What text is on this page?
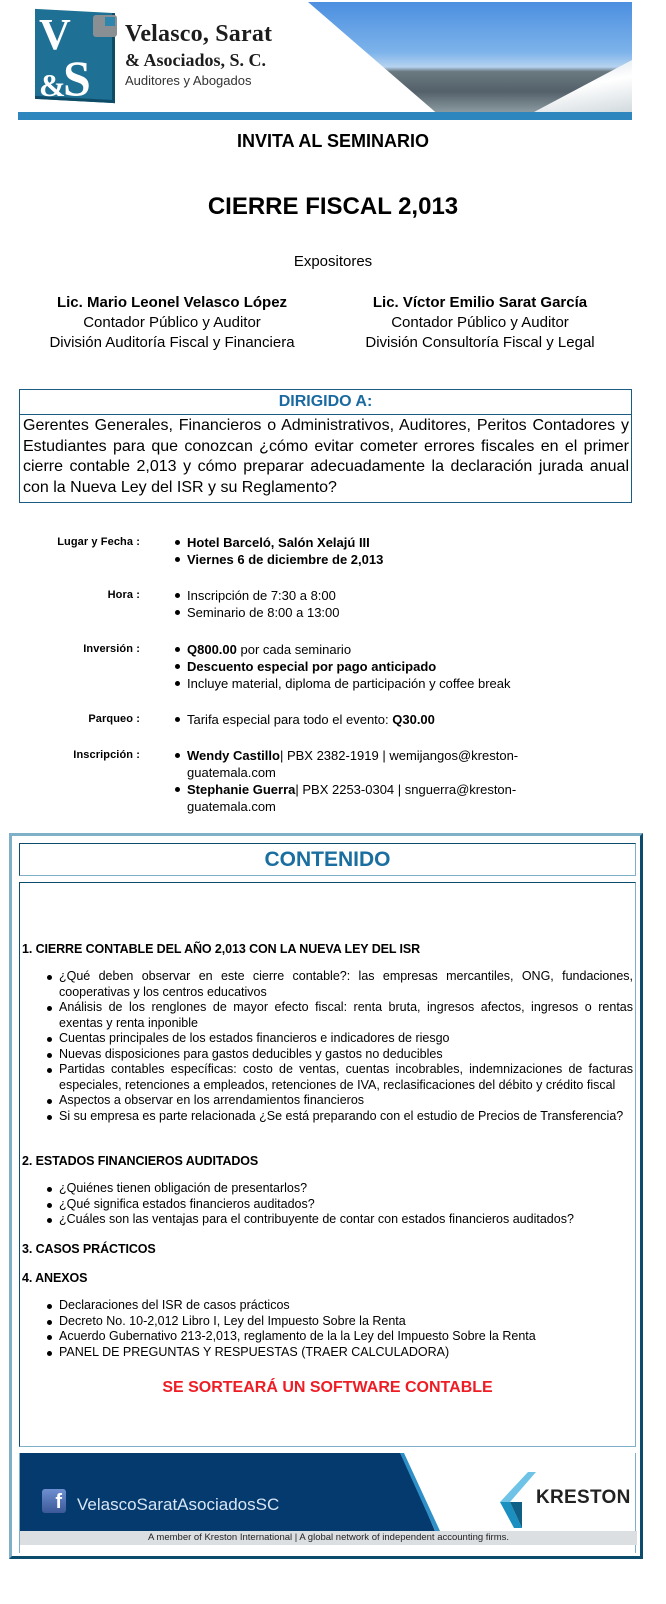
V
&
S
Velasco, Sarat
& Asociados, S. C.
Auditores y Abogados
INVITA AL SEMINARIO
CIERRE FISCAL 2,013
Expositores
Lic. Mario Leonel Velasco López
Contador Público y Auditor
División Auditoría Fiscal y Financiera
Lic. Víctor Emilio Sarat García
Contador Público y Auditor
División Consultoría Fiscal y Legal
DIRIGIDO A:
Gerentes Generales, Financieros o Administrativos, Auditores, Peritos Contadores y Estudiantes para que conozcan ¿cómo evitar cometer errores fiscales en el primer cierre contable 2,013 y cómo preparar adecuadamente la declaración jurada anual con la Nueva Ley del ISR y su Reglamento?
Lugar y Fecha :	Hotel Barceló, Salón Xelajú III
Viernes 6 de diciembre de 2,013
Hora :	Inscripción de 7:30 a 8:00
Seminario de 8:00 a 13:00
Inversión :	Q800.00 por cada seminario
Descuento especial por pago anticipado
Incluye material, diploma de participación y coffee break
Parqueo :	Tarifa especial para todo el evento: Q30.00
Inscripción :	Wendy Castillo| PBX 2382-1919 | wemijangos@kreston-guatemala.com
Stephanie Guerra| PBX 2253-0304 | snguerra@kreston-guatemala.com
CONTENIDO
1. CIERRE CONTABLE DEL AÑO 2,013 CON LA NUEVA LEY DEL ISR
¿Qué deben observar en este cierre contable?: las empresas mercantiles, ONG, fundaciones, cooperativas y los centros educativos
Análisis de los renglones de mayor efecto fiscal: renta bruta, ingresos afectos, ingresos o rentas exentas y renta inponible
Cuentas principales de los estados financieros e indicadores de riesgo
Nuevas disposiciones para gastos deducibles y gastos no deducibles
Partidas contables específicas: costo de ventas, cuentas incobrables, indemnizaciones de facturas especiales, retenciones a empleados, retenciones de IVA, reclasificaciones del débito y crédito fiscal
Aspectos a observar en los arrendamientos financieros
Si su empresa es parte relacionada ¿Se está preparando con el estudio de Precios de Transferencia?
2. ESTADOS FINANCIEROS AUDITADOS
¿Quiénes tienen obligación de presentarlos?
¿Qué significa estados financieros auditados?
¿Cuáles son las ventajas para el contribuyente de contar con estados financieros auditados?
3. CASOS PRÁCTICOS
4. ANEXOS
Declaraciones del ISR de casos prácticos
Decreto No. 10-2,012 Libro I, Ley del Impuesto Sobre la Renta
Acuerdo Gubernativo 213-2,013, reglamento de la la Ley del Impuesto Sobre la Renta
PANEL DE PREGUNTAS Y RESPUESTAS (TRAER CALCULADORA)
SE SORTEARÁ UN SOFTWARE CONTABLE
f VelascoSaratAsociadosSC	KRESTON
A member of Kreston International | A global network of independent accounting firms.
